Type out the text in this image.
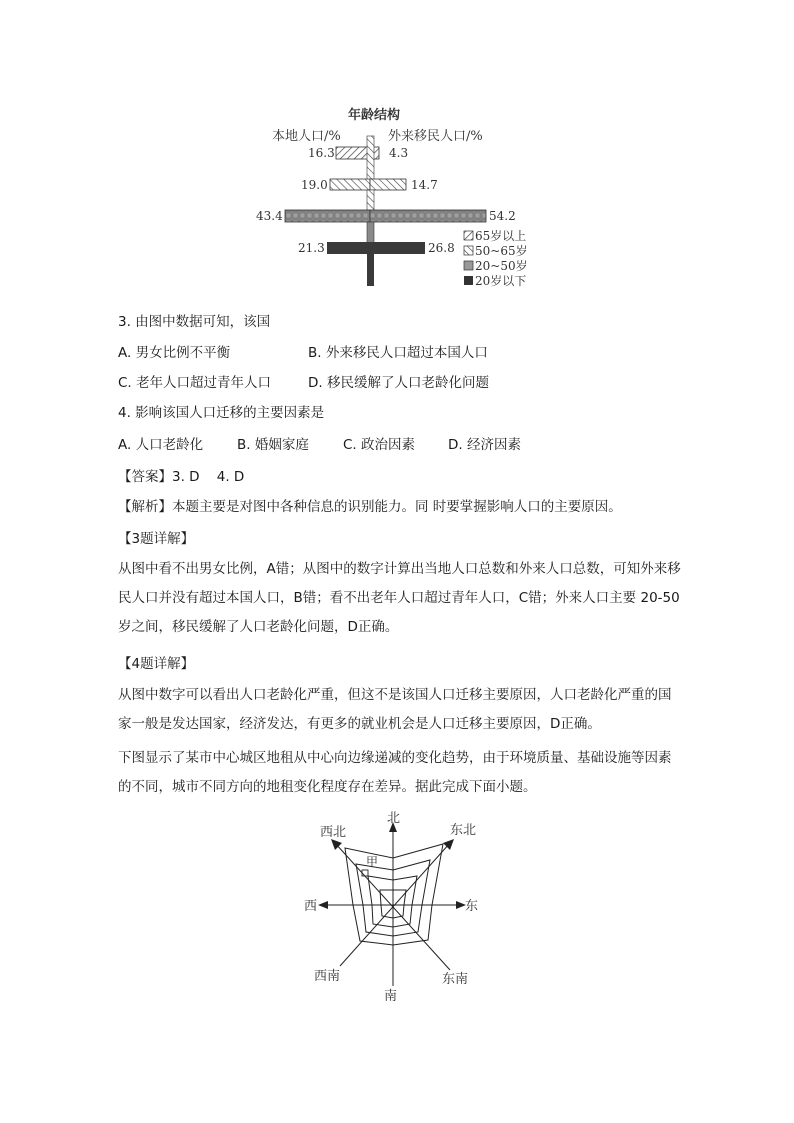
年龄结构
本地人口/%	外来移民人口/%
16.3	4.3
19.0	14.7
43.4	54.2
21.3	26.8
65岁以上
50~65岁
20~50岁
20岁以下
3. 由图中数据可知，该国
A. 男女比例不平衡	B. 外来移民人口超过本国人口
C. 老年人口超过青年人口	D. 移民缓解了人口老龄化问题
4. 影响该国人口迁移的主要因素是
A. 人口老龄化	B. 婚姻家庭	C. 政治因素 D. 经济因素
【答案】3. D    4. D
【解析】本题主要是对图中各种信息的识别能力。同 时要掌握影响人口的主要原因。
【3题详解】
从图中看不出男女比例，A错；从图中的数字计算出当地人口总数和外来人口总数，可知外来移民人口并没有超过本国人口，B错；看不出老年人口超过青年人口，C错；外来人口主要 20-50 岁之间，移民缓解了人口老龄化问题，D正确。
【4题详解】
从图中数字可以看出人口老龄化严重，但这不是该国人口迁移主要原因，人口老龄化严重的国家一般是发达国家，经济发达，有更多的就业机会是人口迁移主要原因，D正确。
下图显示了某市中心城区地租从中心向边缘递减的变化趋势，由于环境质量、基础设施等因素的不同，城市不同方向的地租变化程度存在差异。据此完成下面小题。
甲
北
东北
东
东南
南
西南
西
西北
